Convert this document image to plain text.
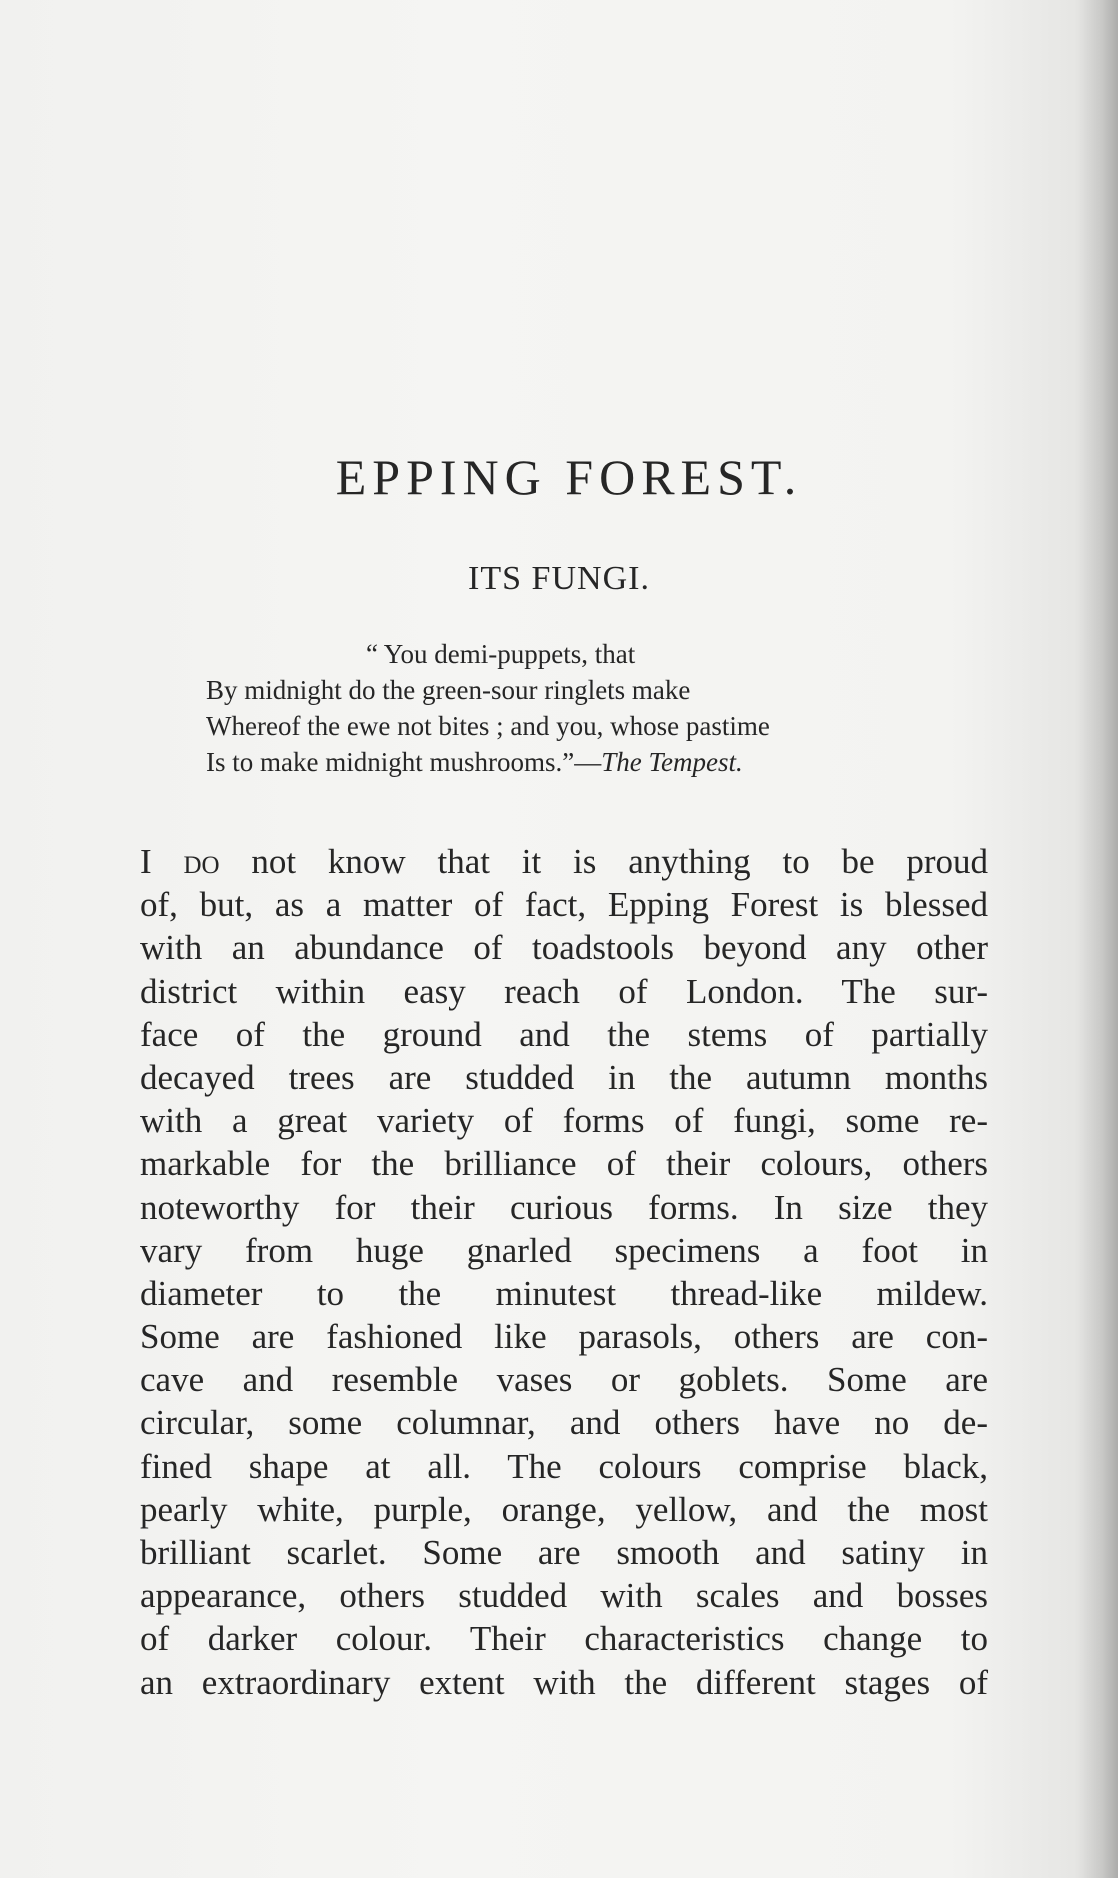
EPPING FOREST.
ITS FUNGI.
“ You demi-puppets, that
By midnight do the green-sour ringlets make
Whereof the ewe not bites ; and you, whose pastime
Is to make midnight mushrooms.”—The Tempest.
I do not know that it is anything to be proud
of, but, as a matter of fact, Epping Forest is blessed
with an abundance of toadstools beyond any other
district within easy reach of London. The sur-
face of the ground and the stems of partially
decayed trees are studded in the autumn months
with a great variety of forms of fungi, some re-
markable for the brilliance of their colours, others
noteworthy for their curious forms. In size they
vary from huge gnarled specimens a foot in
diameter to the minutest thread-like mildew.
Some are fashioned like parasols, others are con-
cave and resemble vases or goblets. Some are
circular, some columnar, and others have no de-
fined shape at all. The colours comprise black,
pearly white, purple, orange, yellow, and the most
brilliant scarlet. Some are smooth and satiny in
appearance, others studded with scales and bosses
of darker colour. Their characteristics change to
an extraordinary extent with the different stages of
